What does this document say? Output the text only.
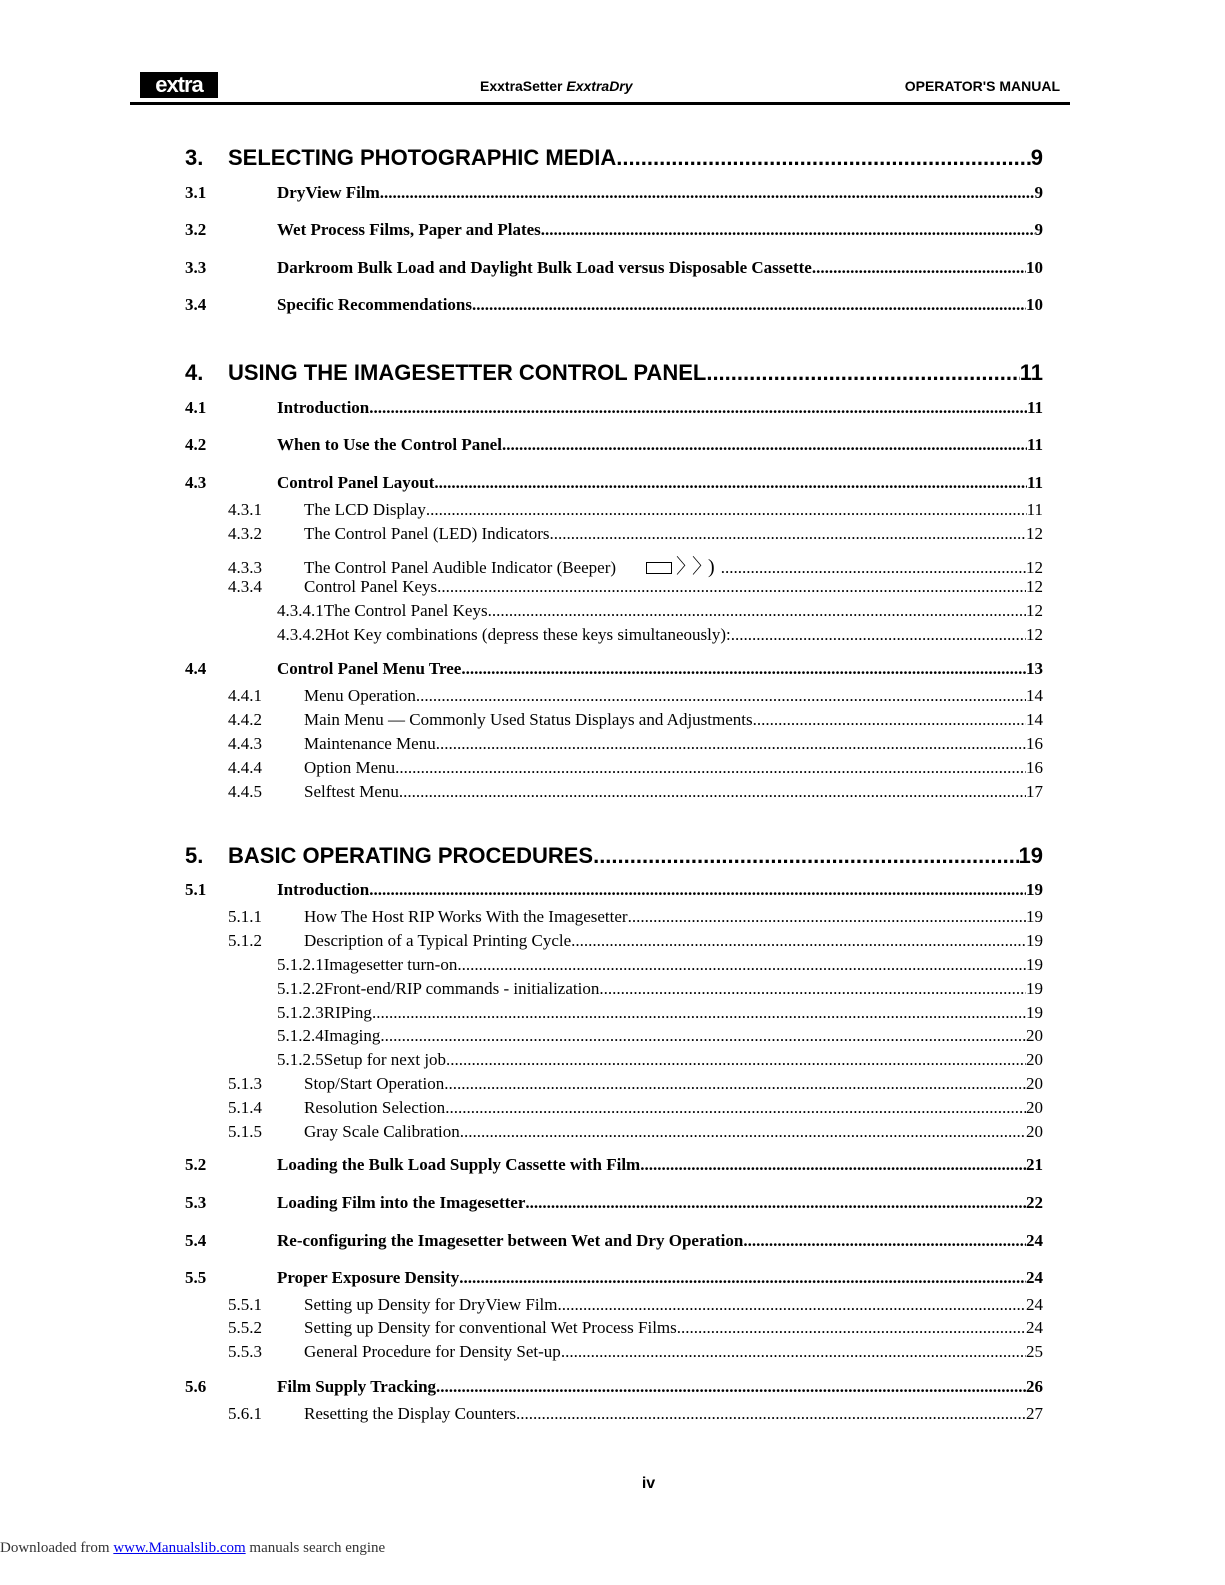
extra	ExxtraSetter ExxtraDry	OPERATOR'S MANUAL
3.	SELECTING PHOTOGRAPHIC MEDIA .....	9
3.1	DryView Film .....	9
3.2	Wet Process Films, Paper and Plates .....	9
3.3	Darkroom Bulk Load and Daylight Bulk Load versus Disposable Cassette .....	10
3.4	Specific Recommendations .....	10
4.	USING THE IMAGESETTER CONTROL PANEL .....	11
4.1	Introduction .....	11
4.2	When to Use the Control Panel .....	11
4.3	Control Panel Layout .....	11
4.3.1	The LCD Display .....	11
4.3.2	The Control Panel (LED) Indicators .....	12
4.3.3	The Control Panel Audible Indicator (Beeper)	〉〉) .....	12
4.3.4	Control Panel Keys .....	12
4.3.4.1 The Control Panel Keys .....	12
4.3.4.2 Hot Key combinations (depress these keys simultaneously): .....	12
4.4	Control Panel Menu Tree .....	13
4.4.1	Menu Operation .....	14
4.4.2	Main Menu — Commonly Used Status Displays and Adjustments .....	14
4.4.3	Maintenance Menu .....	16
4.4.4	Option Menu .....	16
4.4.5	Selftest Menu .....	17
5.	BASIC OPERATING PROCEDURES .....	19
5.1	Introduction .....	19
5.1.1	How The Host RIP Works With the Imagesetter .....	19
5.1.2	Description of a Typical Printing Cycle .....	19
5.1.2.1 Imagesetter turn-on .....	19
5.1.2.2 Front-end/RIP commands - initialization .....	19
5.1.2.3 RIPing .....	19
5.1.2.4 Imaging .....	20
5.1.2.5 Setup for next job .....	20
5.1.3	Stop/Start Operation .....	20
5.1.4	Resolution Selection .....	20
5.1.5	Gray Scale Calibration .....	20
5.2	Loading the Bulk Load Supply Cassette with Film .....	21
5.3	Loading Film into the Imagesetter .....	22
5.4	Re-configuring the Imagesetter between Wet and Dry Operation .....	24
5.5	Proper Exposure Density .....	24
5.5.1	Setting up Density for DryView Film .....	24
5.5.2	Setting up Density for conventional Wet Process Films .....	24
5.5.3	General Procedure for Density Set-up .....	25
5.6	Film Supply Tracking .....	26
5.6.1	Resetting the Display Counters .....	27
iv
Downloaded from www.Manualslib.com manuals search engine
